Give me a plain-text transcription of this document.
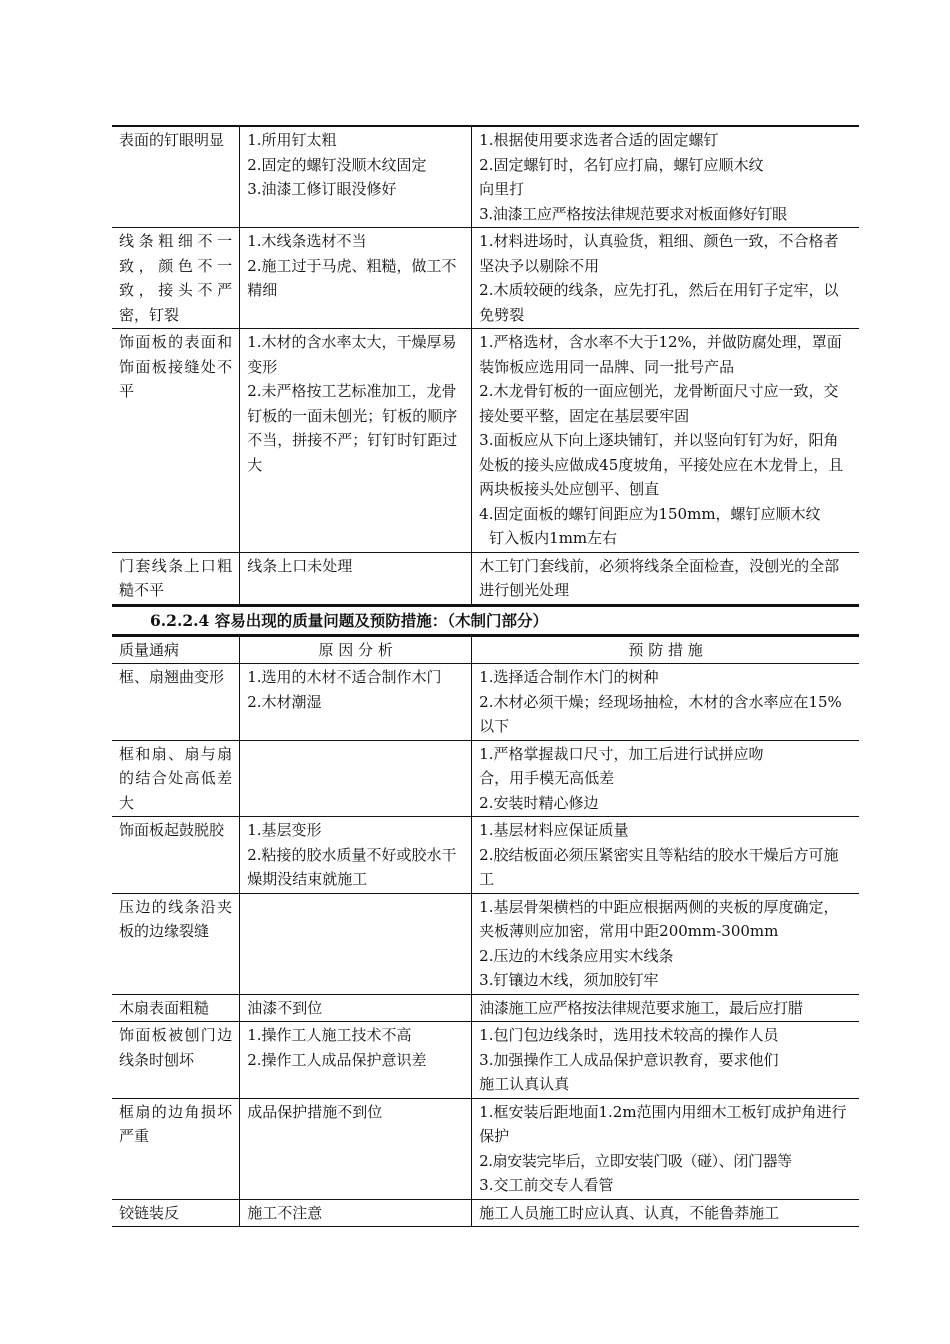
表面的钉眼明显	1.所用钉太粗
2.固定的螺钉没顺木纹固定
3.油漆工修订眼没修好	1.根据使用要求选者合适的固定螺钉
2.固定螺钉时，名钉应打扁，螺钉应顺木纹
向里打
3.油漆工应严格按法律规范要求对板面修好钉眼

线条粗细不一致，颜色不一致，接头不严密，钉裂	1.木线条选材不当
2.施工过于马虎、粗糙，做工不精细	1.材料进场时，认真验货，粗细、颜色一致，不合格者坚决予以剔除不用
2.木质较硬的线条，应先打孔，然后在用钉子定牢，以免劈裂

饰面板的表面和饰面板接缝处不平	1.木材的含水率太大，干燥厚易变形
2.未严格按工艺标准加工，龙骨钉板的一面未刨光；钉板的顺序不当，拼接不严；钉钉时钉距过大	1.严格选材，含水率不大于12%，并做防腐处理，罩面装饰板应选用同一品牌、同一批号产品
2.木龙骨钉板的一面应刨光，龙骨断面尺寸应一致，交接处要平整，固定在基层要牢固
3.面板应从下向上逐块铺钉，并以竖向钉钉为好，阳角处板的接头应做成45度坡角，平接处应在木龙骨上，且两块板接头处应刨平、刨直
4.固定面板的螺钉间距应为150mm，螺钉应顺木纹
钉入板内1mm左右

门套线条上口粗糙不平	线条上口未处理	木工钉门套线前，必须将线条全面检查，没刨光的全部进行刨光处理
6.2.2.4 容易出现的质量问题及预防措施：（木制门部分）
质量通病	原 因 分 析	预 防 措 施
框、扇翘曲变形	1.选用的木材不适合制作木门
2.木材潮湿	1.选择适合制作木门的树种
2.木材必须干燥；经现场抽检，木材的含水率应在15%以下

框和扇、扇与扇的结合处高低差大		1.严格掌握裁口尺寸，加工后进行试拼应吻
合，用手模无高低差
2.安装时精心修边

饰面板起鼓脱胶	1.基层变形
2.粘接的胶水质量不好或胶水干燥期没结束就施工	1.基层材料应保证质量
2.胶结板面必须压紧密实且等粘结的胶水干燥后方可施工

压边的线条沿夹板的边缘裂缝		1.基层骨架横档的中距应根据两侧的夹板的厚度确定，夹板薄则应加密，常用中距200mm-300mm
2.压边的木线条应用实木线条
3.钉镶边木线，须加胶钉牢

木扇表面粗糙	油漆不到位	油漆施工应严格按法律规范要求施工，最后应打腊

饰面板被刨门边线条时刨坏	1.操作工人施工技术不高
2.操作工人成品保护意识差	1.包门包边线条时，选用技术较高的操作人员
3.加强操作工人成品保护意识教育，要求他们
施工认真认真

框扇的边角损坏严重	成品保护措施不到位	1.框安装后距地面1.2m范围内用细木工板钉成护角进行保护
2.扇安装完毕后，立即安装门吸（碰）、闭门器等
3.交工前交专人看管

铰链装反	施工不注意	施工人员施工时应认真、认真，不能鲁莽施工
